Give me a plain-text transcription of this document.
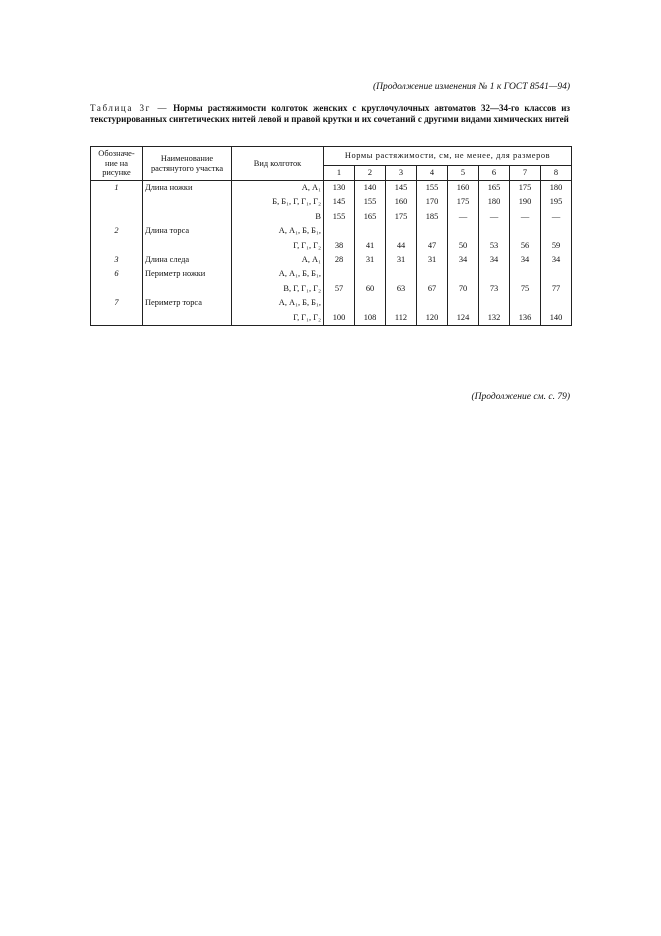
(Продолжение изменения № 1 к ГОСТ 8541—94)
Таблица 3г — Нормы растяжимости колготок женских с круглочулочных автоматов 32—34-го классов из текстурированных синтетических нитей левой и правой крутки и их сочетаний с другими видами химических нитей
Обозначе-ние на рисунке	Наименование растянутого участка	Вид колготок	Нормы растяжимости, см, не менее, для размеров							
			1	2	3	4	5	6	7	8
1	Длина ножки	А, А₁	130	140	145	155	160	165	175	180
		Б, Б₁, Г, Г₁, Г₂	145	155	160	170	175	180	190	195
		В	155	165	175	185	—	—	—	—
2	Длина торса	А, А₁, Б, Б₁,								
		Г, Г₁, Г₂	38	41	44	47	50	53	56	59
3	Длина следа	А, А₁	28	31	31	31	34	34	34	34
6	Периметр ножки	А, А₁, Б, Б₁,								
		В, Г, Г₁, Г₂	57	60	63	67	70	73	75	77
7	Периметр торса	А, А₁, Б, Б₁,								
		Г, Г₁, Г₂	100	108	112	120	124	132	136	140
(Продолжение см. с. 79)
